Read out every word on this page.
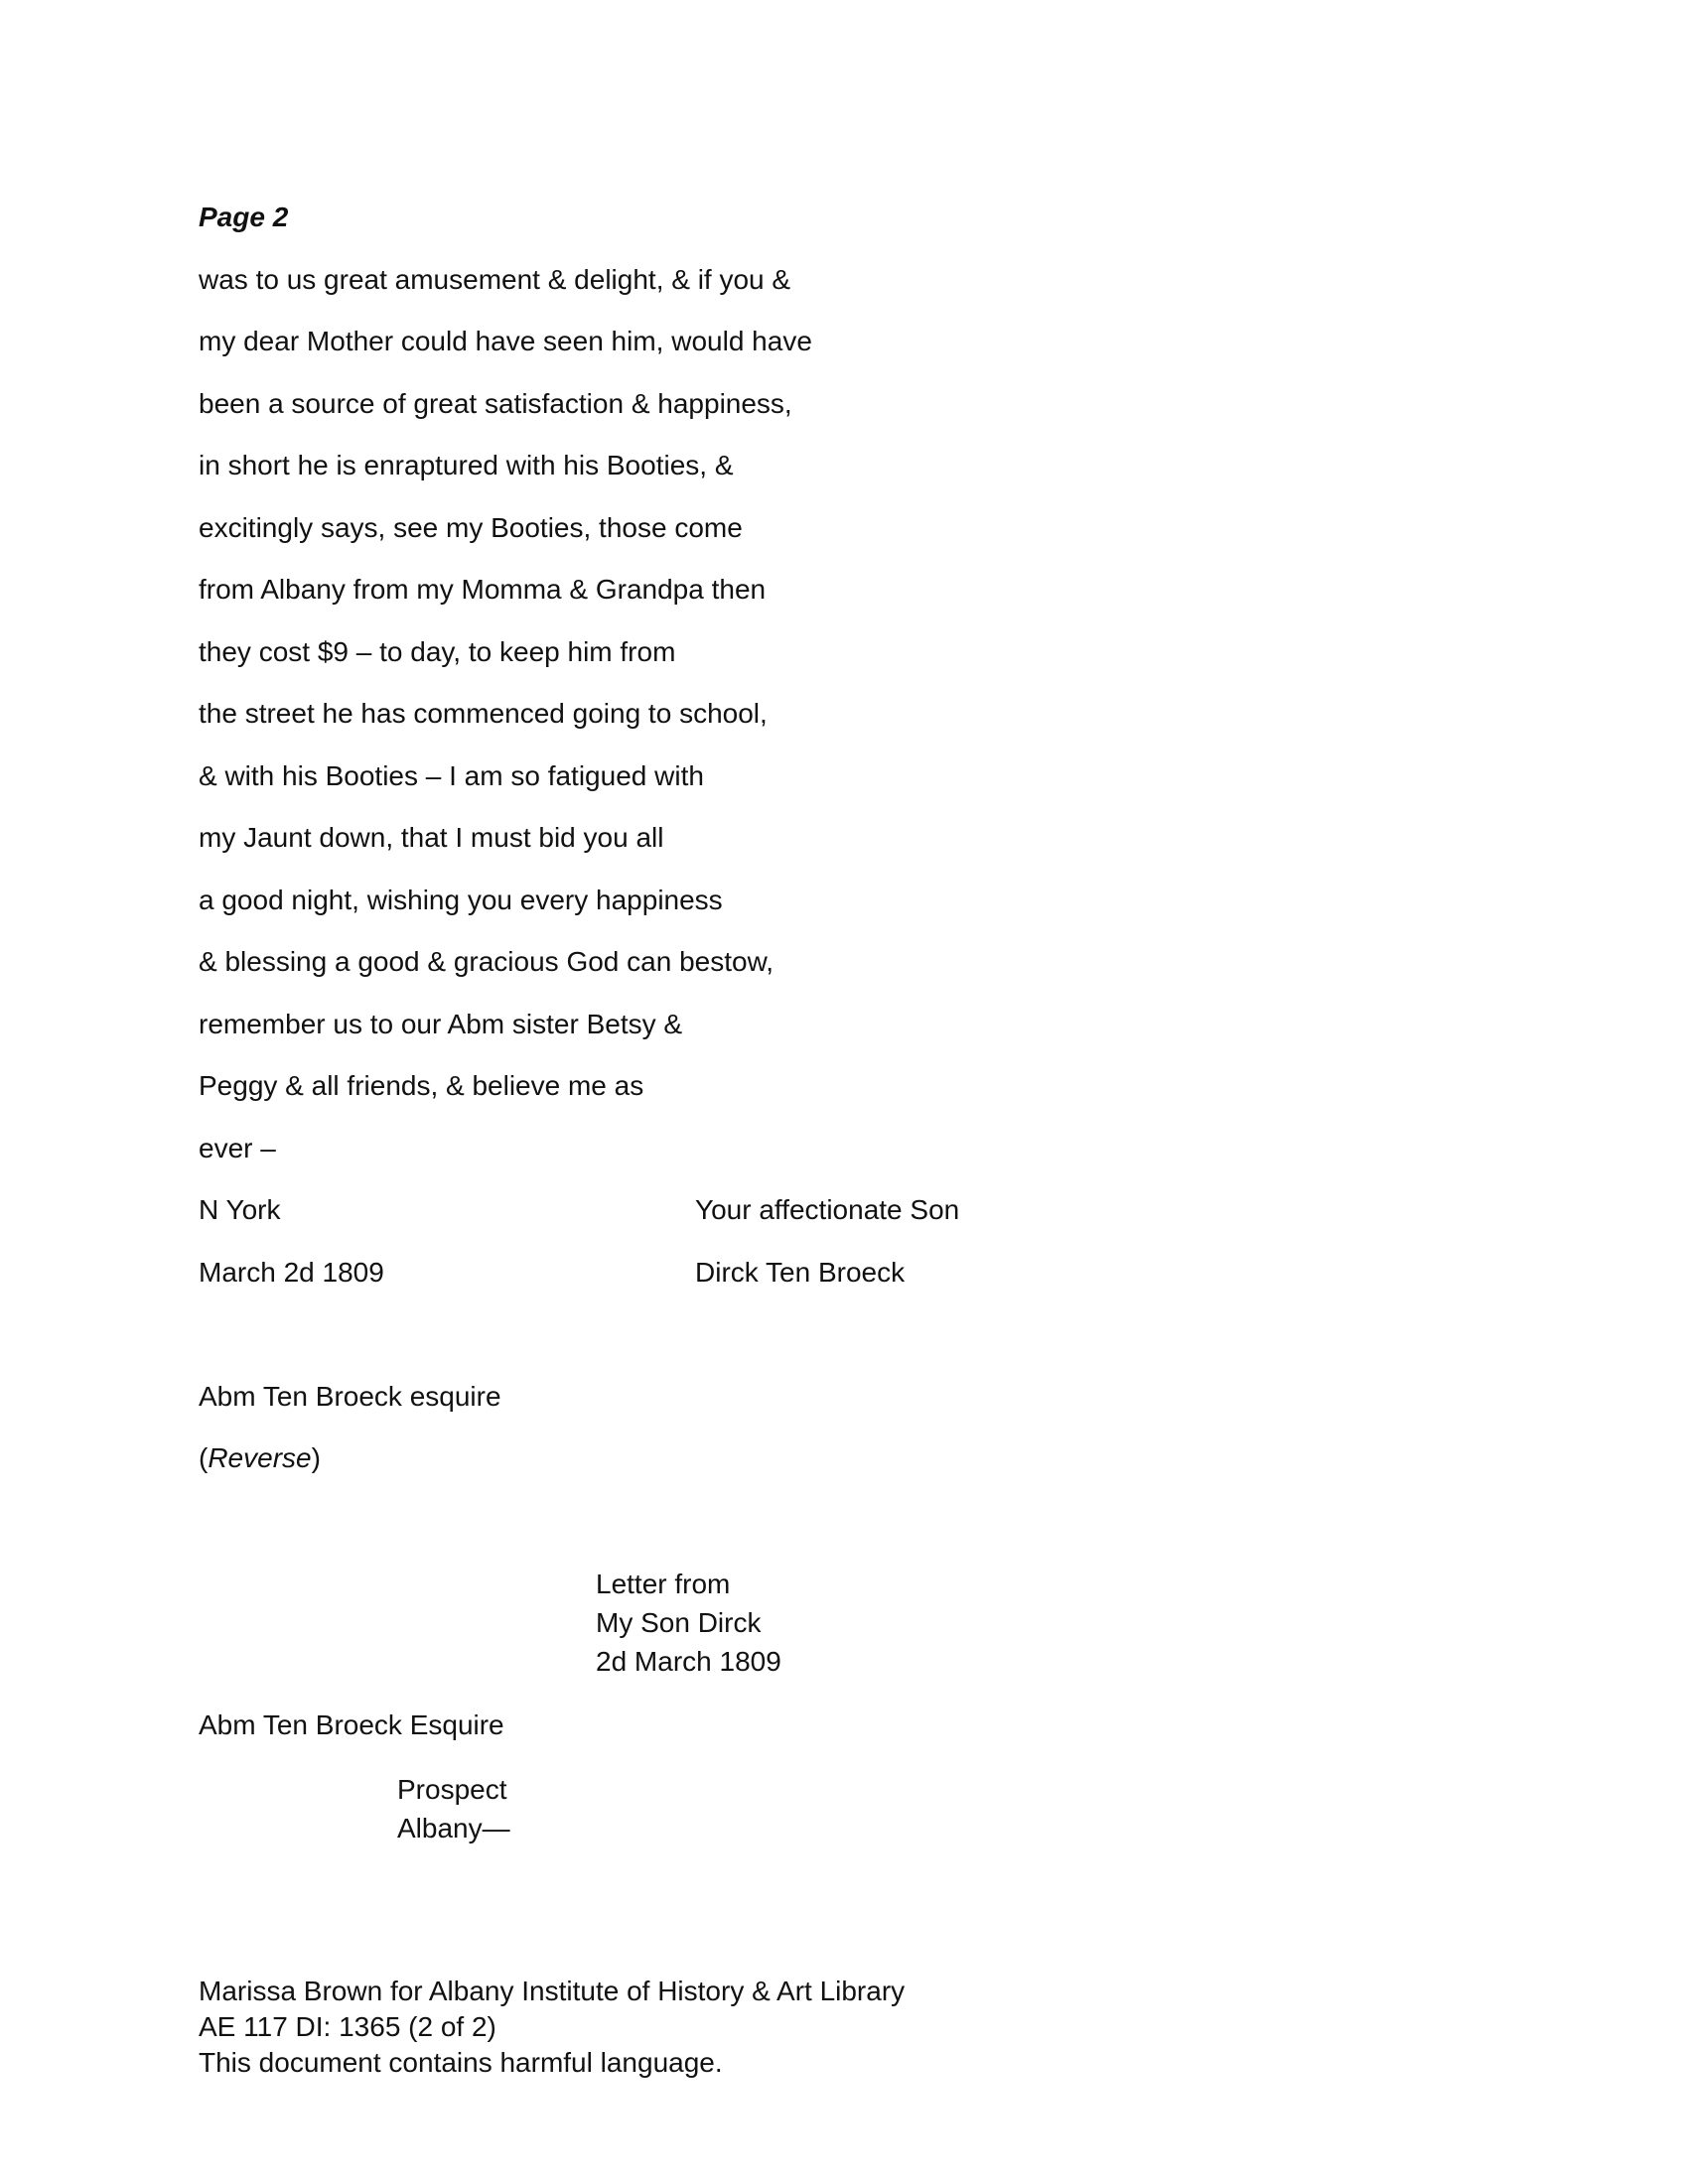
Page 2
was to us great amusement & delight, & if you &
my dear Mother could have seen him, would have
been a source of great satisfaction & happiness,
in short he is enraptured with his Booties, &
excitingly says, see my Booties, those come
from Albany from my Momma & Grandpa then
they cost $9 – to day, to keep him from
the street he has commenced going to school,
& with his Booties – I am so fatigued with
my Jaunt down, that I must bid you all
a good night, wishing you every happiness
& blessing a good & gracious God can bestow,
remember us to our Abm sister Betsy &
Peggy & all friends, & believe me as
ever –
N York	Your affectionate Son
March 2d 1809	Dirck Ten Broeck
Abm Ten Broeck esquire
(Reverse)
Letter from
My Son Dirck
2d March 1809
Abm Ten Broeck Esquire
Prospect
Albany—
Marissa Brown for Albany Institute of History & Art Library
AE 117 DI: 1365 (2 of 2)
This document contains harmful language.
